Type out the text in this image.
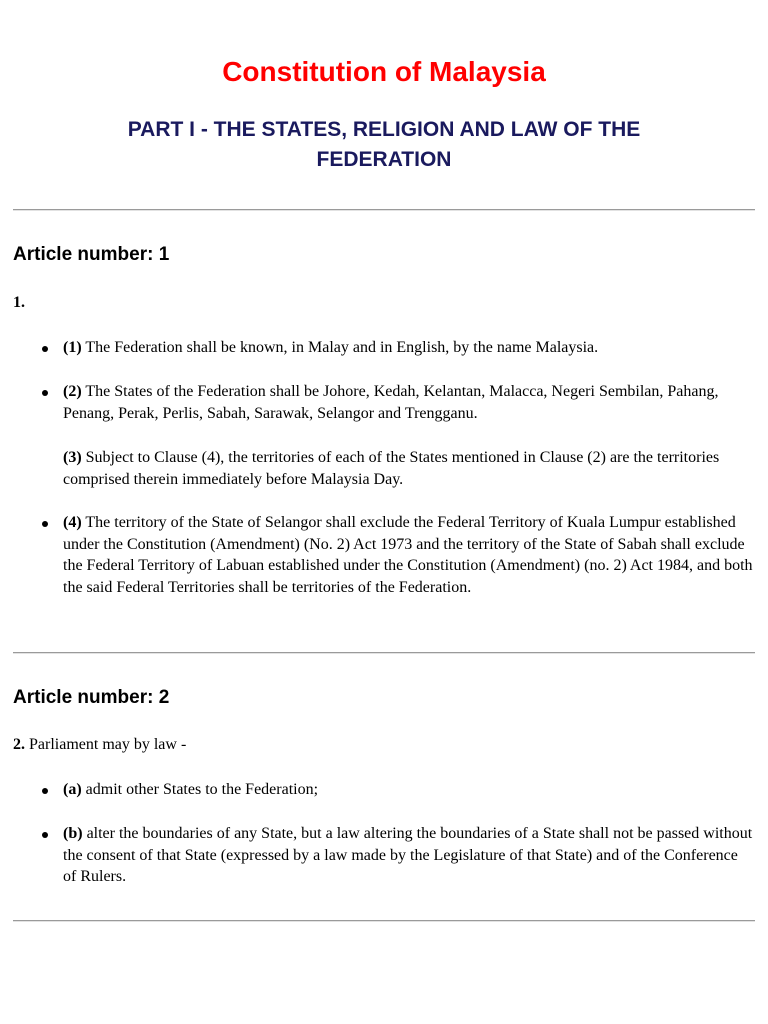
Constitution of Malaysia
PART I - THE STATES, RELIGION AND LAW OF THE FEDERATION
Article number: 1

1.

(1) The Federation shall be known, in Malay and in English, by the name Malaysia.

(2) The States of the Federation shall be Johore, Kedah, Kelantan, Malacca, Negeri Sembilan, Pahang, Penang, Perak, Perlis, Sabah, Sarawak, Selangor and Trengganu.

(3) Subject to Clause (4), the territories of each of the States mentioned in Clause (2) are the territories comprised therein immediately before Malaysia Day.

(4) The territory of the State of Selangor shall exclude the Federal Territory of Kuala Lumpur established under the Constitution (Amendment) (No. 2) Act 1973 and the territory of the State of Sabah shall exclude the Federal Territory of Labuan established under the Constitution (Amendment) (no. 2) Act 1984, and both the said Federal Territories shall be territories of the Federation.

Article number: 2

2. Parliament may by law -

(a) admit other States to the Federation;

(b) alter the boundaries of any State, but a law altering the boundaries of a State shall not be passed without the consent of that State (expressed by a law made by the Legislature of that State) and of the Conference of Rulers.
